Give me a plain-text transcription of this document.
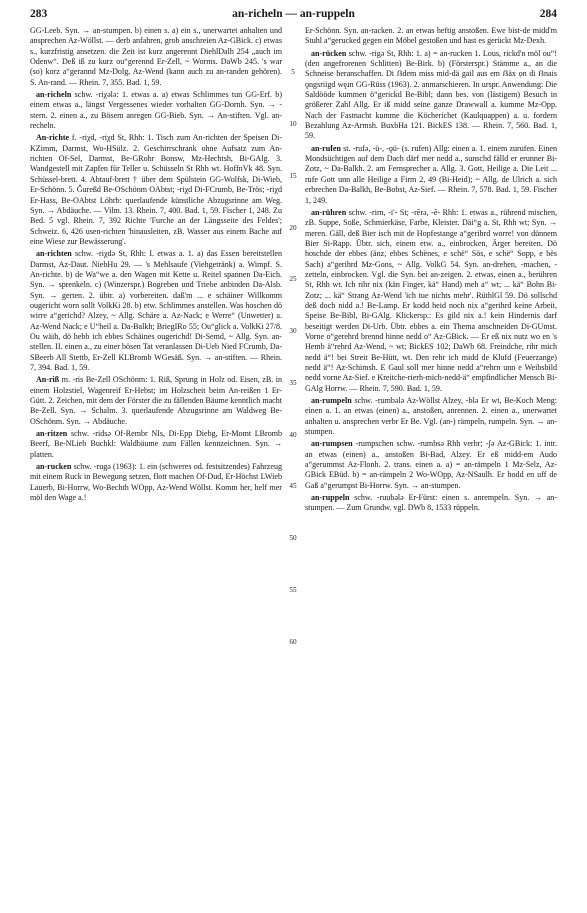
283	an-richeln — an-ruppeln	284

GG-Leeb. Syn. → an-stumpen. b) einen s. a) ein s., unerwartet anhalten und ansprechen Az-Wöllst. — derb anfahren, grob anschreien Az-GBick. c) etwas s., kurzfristig ansetzen. die Zeit ist kurz angerennt DiehlDalh 254 „auch im Odenw“. Deß iß zu kurz ou“gerennd Er-Zell, ~ Worms. DaWb 245. 's war (so) korz a“gerannd Mz-Dolg, Az-Wend (kann auch zu an-randen gehören). S. An-rand. — Rhein. 7, 355. Bad. 1, 59.

an-richeln schw. -riχələ: 1. etwas a. a) etwas Schlimmes tun GG-Erf. b) einem etwas a., längst Vergessenes wieder vorhalten GG-Dornh. Syn. → -stern. 2. einen a., zu Bösem anregen GG-Bieb. Syn. → An-stiften. Vgl. an-recheln.

An-richte f. -riχd, -riχd St, Rhh: 1. Tisch zum An-richten der Speisen Di-KZimm, Darmst, Wo-HSülz. 2. Geschirrschrank ohne Aufsatz zum An-richten Of-Sel, Darmst, Be-GRohr Bonsw, Mz-Hechtsh, Bi-GAlg. 3. Wandgestell mit Zapfen für Teller u. Schüsseln St Rhh wt. HoffnVk 48. Syn. Schüssel-brett. 4. Abtauf-brett † über dem Spülstein GG-Wolfsk, Di-Wieb, Er-Schönn. 5. Ǧureßd Be-OSchönm OAbtst; -riχd Di-FCrumb, Be-Trös; -riχd Er-Hass, Be-OAbtst Löhrb: querlaufende künstliche Abzugsrinne am Weg. Syn. → Abdäuche. — Vilm. 13. Rhein. 7, 400. Bad. 1, 59. Fischer 1, 248. Zu Bed. 5 vgl. Rhein. 7, 392 Richte 'Furche an der Längsseite des Feldes'; Schweiz. 6, 426 usen-richten 'hinausleiten, zB. Wasser aus einem Bache auf eine Wiese zur Bewässerung'.

an-richten schw. -riχdə St, Rhh: I. etwas a. 1. a) das Essen bereitstellen Darmst, Az-Daut. NiebHu 29. — 's Mehlsaufe (Viehgetränk) a. Wimpf. S. An-richte. b) de Wa“we a. den Wagen mit Kette u. Reitel spannen Da-Eich. Syn. → sprenkeln. c) (Winzerspr.) Bogreben und Triebe anbinden Da-Alsb. Syn. → gerten. 2. übtr. a) vorbereiten. daß'm ... e schäiner Willkomm ougericht worn sollt VolkKi 28. b) etw. Schlimmes anstellen. Was hoschen dö wirre a“gerichd? Alzey, ~ Allg. Schäre a. Az-Nack; e Werre“ (Unwetter) a. Az-Wend Nack; e U“heil a. Da-Balkh; BriegIRo 55; Ou“glick a. VolkKi 27/8. Ou wäih, dö hebb ich ebbes Schäines ougerichd! Di-Semd, ~ Allg. Syn. an-stellen. II. einen a., zu einer bösen Tat veranlassen Di-Ueb Nied FCrumb, Da-SBeerb All Stettb, Er-Zell KLBromb WGesäß. Syn. → an-stiften. — Rhein. 7, 394. Bad. 1, 59.

An-riß m. -ris Be-Zell OSchönm: 1. Riß, Sprung in Holz od. Eisen, zB. in einem Holzstiel, Wagenreif Er-Hebst; im Holzscheit beim An-reißen 1 Er-Gütt. 2. Zeichen, mit dem der Förster die zu fällenden Bäume kenntlich macht Be-Zell. Syn. → Schalm. 3. querlaufende Abzugsrinne am Waldweg Be-OSchönm. Syn. → Abdäuche.

an-ritzen schw. -ridsə Of-Rembr NIs, Di-Epp Diebg, Er-Momt LBromb Beerf, Be-NLieb Buchkl: Waldbäume zum Fällen kennzeichnen. Syn. → platten.

an-rucken schw. -rugə (1963): 1. ein (schweres od. festsitzendes) Fahrzeug mit einem Ruck in Bewegung setzen, flott machen Of-Dud, Er-Höchst LWieb Lauerb, Bi-Horrw, Wo-Bechth WOpp, Az-Wend Wöllst. Komm her, helf mer möl den Wage a.!

5
10
15
20
25
30
35
40
45
50
55
60

Er-Schönn. Syn. an-racken. 2. an etwas heftig anstoßen. Ewe bist-de midd'm Stuhl a“gerucked gegen ein Möbel gestoßen und hast es gerückt Mz-Dexh.

an-rücken schw. -rigə St, Rhh: 1. a) = an-rucken 1. Lous, rickd'n möl ou“! (den angefrorenen Schlitten) Be-Birk. b) (Försterspr.) Stämme a., an die Schneise heranschaffen. Di ẞdem miss mid-dä gail aus em ẞäx ọn di ẞnais ǫngsriigd węɹn GG-Rüss (1963). 2. anmarschieren. In urspr. Anwendung: Die Saldööde kummen ö“gerickd Be-Bibl; dann bes. von (lästigem) Besuch in größerer Zahl Allg. Er iß midd seine ganze Drawwall a. kumme Mz-Opp. Nach der Fastnacht kumme die Köcherichet (Kaulquappen) a. u. fordern Bezahlung Az-Armsh. BuxbHa 121. BickES 138. — Rhein. 7, 560. Bad. 1, 59.

an-rufen st. -rufə, -ü-, -ǫü- (s. rufen) Allg: einen a. 1. einem zurufen. Einen Mondsüchtigen auf dem Dach därf mer nedd a., sunschd fälld er erunner Bi-Zotz, ~ Da-Balkh. 2. am Fernsprecher a. Allg. 3. Gott, Heilige a. Die Leit ... rufe Gott unn alle Heilige a Firm 2, 49 (Bi-Heid); ~ Allg. de Ulrich a. sich erbrechen Da-Balkh, Be-Bobst, Az-Sief. — Rhein. 7, 578. Bad. 1, 59. Fischer 1, 249.

an-rühren schw. -rirn, -i'- St; -rērə, -ẽ- Rhh: 1. etwas a., rührend mischen, zB. Suppe, Soße, Schmierkäse, Farbe, Kleister. Däi“g a. St, Rhh wt; Syn. → meren. Gäll, deß Bier isch mit de Hopfestange a“gerihrd worre! von dünnem Bier Si-Rapp. Übtr. sich, einem etw. a., einbrocken, Ärger bereiten. Dö hoschde der ebbes (änz, ebbes Schënes, e schë“ Sös, e schë“ Sopp, e bës Sach) a“gerihrd Mz-Gons, ~ Allg. VolkG 54. Syn. an-drehen, -machen, -zetteln, einbrocken. Vgl. die Syn. bei an-zeigen. 2. etwas, einen a., berühren St, Rhh wt. Ich rihr nix (kän Finger, kä“ Hand) meh a“ wt; ... kä“ Bohn Bi-Zotz; ... kä“ Strang Az-Wend 'ich tue nichts mehr'. RüthlGl 59. Dö sollschd deß doch nidd a.! Be-Lamp. Er kodd heid noch nix a“gerihrd keine Arbeit, Speise Be-Bibl, Bi-GAlg. Klickersp.: Es gild nix a.! kein Hindernis darf beseitigt werden Di-Urb. Übtr. ebbes a. ein Thema anschneiden Di-GUmst. Vorne o“gerehrd brennd hinne nedd o“ Az-GBick. — Er eß nix nutz wo en 's Hemb ä“rehrd Az-Wend, ~ wt; BickES 102; DaWb 68. Freindche, rihr mich nedd ä“! bei Streit Be-Hütt, wt. Den rehr ich midd de Klufd (Feuerzange) nedd ä“! Az-Schimsh. E Gaul soll mer hinne nedd a“rehrn unn e Weibsbild nedd vorne Az-Sief. e Kreitche-rierh-mich-nedd-ä“ empfindlicher Mensch Bi-GAlg Horrw. — Rhein. 7, 590. Bad. 1, 59.

an-rumpeln schw. -rumbələ Az-Wöllst Alzey, -blə Er wt, Be-Koch Meng: einen a. 1. an etwas (einen) a., anstoßen, anrennen. 2. einen a., unerwartet anhalten u. ansprechen verbr Er Be. Vgl. (an-) rämpeln, rumpeln. Syn. → an-stumpen.

an-rumpsen -rumpschen schw. -rumbsə Rhh verbr; -ʃə Az-GBick: 1. intr. an etwas (einen) a., anstoßen Bi-Bad, Alzey. Er eß midd-em Audo a“gerummst Az-Flonh. 2. trans. einen a. a) = an-rämpeln 1 Mz-Selz, Az-GBick EBüd. b) = an-rämpeln 2 Wo-WOpp, Az-NSaulh. Er hodd en uff de Gaß a“gerumpst Bi-Horrw. Syn. → an-stumpen.

an-ruppeln schw. -ruubələ Er-Fürst: einen s. anrempeln. Syn. → an-stumpen. — Zum Grundw. vgl. DWb 8, 1533 rüppeln.
